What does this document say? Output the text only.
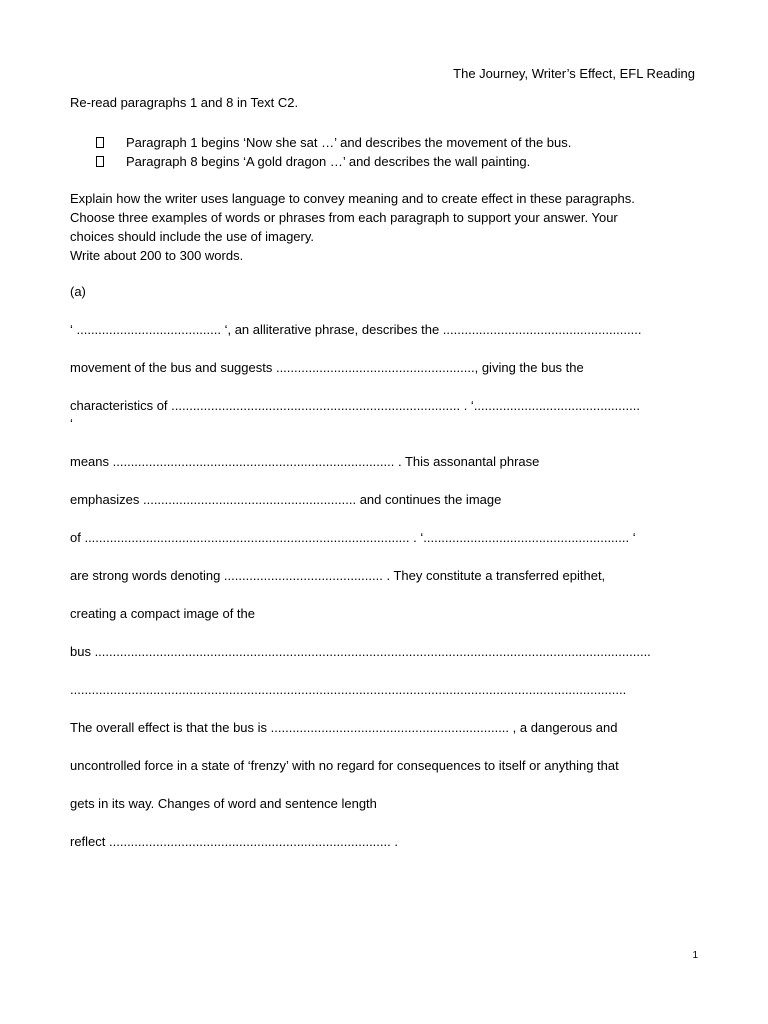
The Journey, Writer’s Effect, EFL Reading
Re-read paragraphs 1 and 8 in Text C2.
Paragraph 1 begins ‘Now she sat …’ and describes the movement of the bus.
Paragraph 8 begins ‘A gold dragon …’ and describes the wall painting.
Explain how the writer uses language to convey meaning and to create effect in these paragraphs.
Choose three examples of words or phrases from each paragraph to support your answer. Your
choices should include the use of imagery.
Write about 200 to 300 words.
(a)
‘ ........................................ ‘, an alliterative phrase, describes the .......................................................
movement of the bus and suggests ......................................................., giving the bus the
characteristics of ................................................................................ . ‘..............................................
‘
means .............................................................................. . This assonantal phrase
emphasizes ........................................................... and continues the image
of .......................................................................................... . ‘......................................................... ‘
are strong words denoting ............................................ . They constitute a transferred epithet,
creating a compact image of the
bus ..........................................................................................................................................................
..........................................................................................................................................................
The overall effect is that the bus is .................................................................. , a dangerous and
uncontrolled force in a state of ‘frenzy’ with no regard for consequences to itself or anything that
gets in its way. Changes of word and sentence length
reflect .............................................................................. .
1
